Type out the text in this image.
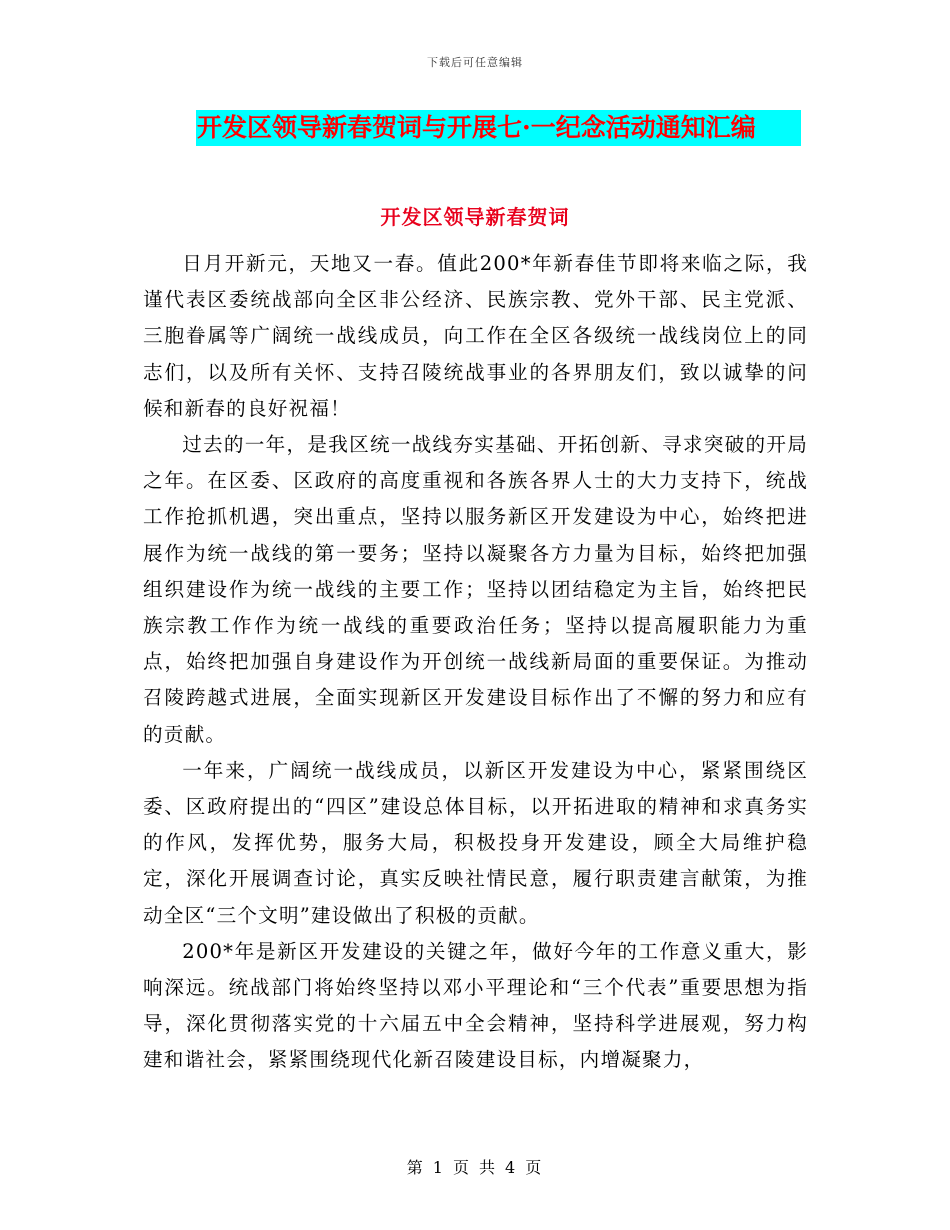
下载后可任意编辑
开发区领导新春贺词与开展七·一纪念活动通知汇编
开发区领导新春贺词

日月开新元，天地又一春。值此200*年新春佳节即将来临之际，我谨代表区委统战部向全区非公经济、民族宗教、党外干部、民主党派、三胞眷属等广阔统一战线成员，向工作在全区各级统一战线岗位上的同志们，以及所有关怀、支持召陵统战事业的各界朋友们，致以诚挚的问候和新春的良好祝福！

过去的一年，是我区统一战线夯实基础、开拓创新、寻求突破的开局之年。在区委、区政府的高度重视和各族各界人士的大力支持下，统战工作抢抓机遇，突出重点，坚持以服务新区开发建设为中心，始终把进展作为统一战线的第一要务；坚持以凝聚各方力量为目标，始终把加强组织建设作为统一战线的主要工作；坚持以团结稳定为主旨，始终把民族宗教工作作为统一战线的重要政治任务；坚持以提高履职能力为重点，始终把加强自身建设作为开创统一战线新局面的重要保证。为推动召陵跨越式进展，全面实现新区开发建设目标作出了不懈的努力和应有的贡献。

一年来，广阔统一战线成员，以新区开发建设为中心，紧紧围绕区委、区政府提出的“四区”建设总体目标，以开拓进取的精神和求真务实的作风，发挥优势，服务大局，积极投身开发建设，顾全大局维护稳定，深化开展调查讨论，真实反映社情民意，履行职责建言献策，为推动全区“三个文明”建设做出了积极的贡献。

200*年是新区开发建设的关键之年，做好今年的工作意义重大，影响深远。统战部门将始终坚持以邓小平理论和“三个代表”重要思想为指导，深化贯彻落实党的十六届五中全会精神，坚持科学进展观，努力构建和谐社会，紧紧围绕现代化新召陵建设目标，内增凝聚力，

第 1 页 共 4 页
